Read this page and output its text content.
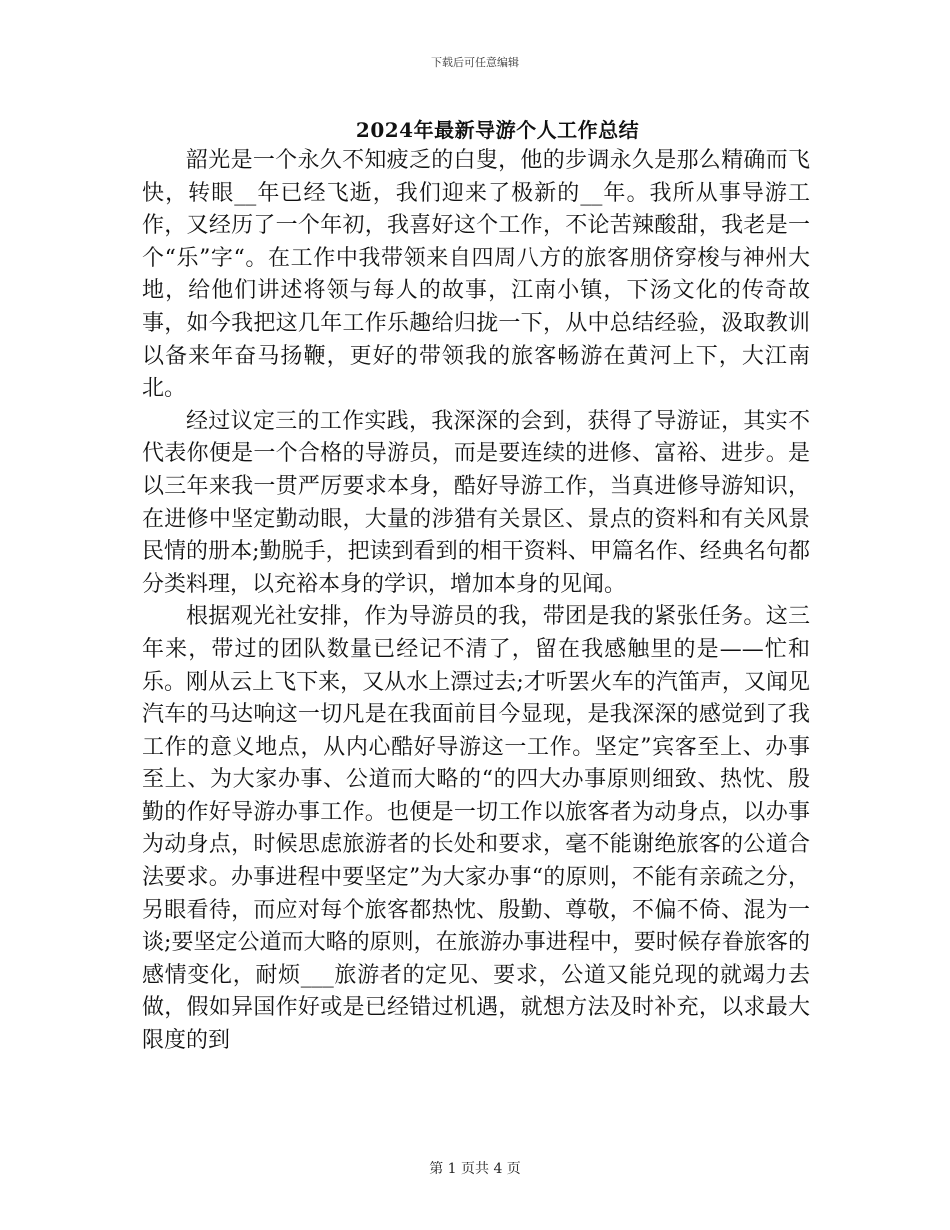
下载后可任意编辑
2024年最新导游个人工作总结

韶光是一个永久不知疲乏的白叟，他的步调永久是那么精确而飞快，转眼__年已经飞逝，我们迎来了极新的__年。我所从事导游工作，又经历了一个年初，我喜好这个工作，不论苦辣酸甜，我老是一个“乐”字“。在工作中我带领来自四周八方的旅客朋侪穿梭与神州大地，给他们讲述将领与每人的故事，江南小镇，下汤文化的传奇故事，如今我把这几年工作乐趣给归拢一下，从中总结经验，汲取教训以备来年奋马扬鞭，更好的带领我的旅客畅游在黄河上下，大江南北。

经过议定三的工作实践，我深深的会到，获得了导游证，其实不代表你便是一个合格的导游员，而是要连续的进修、富裕、进步。是以三年来我一贯严厉要求本身，酷好导游工作，当真进修导游知识，在进修中坚定勤动眼，大量的涉猎有关景区、景点的资料和有关风景民情的册本;勤脱手，把读到看到的相干资料、甲篇名作、经典名句都分类料理，以充裕本身的学识，增加本身的见闻。

根据观光社安排，作为导游员的我，带团是我的紧张任务。这三年来，带过的团队数量已经记不清了，留在我感触里的是——忙和乐。刚从云上飞下来，又从水上漂过去;才听罢火车的汽笛声，又闻见汽车的马达响这一切凡是在我面前目今显现，是我深深的感觉到了我工作的意义地点，从内心酷好导游这一工作。坚定”宾客至上、办事至上、为大家办事、公道而大略的“的四大办事原则细致、热忱、殷勤的作好导游办事工作。也便是一切工作以旅客者为动身点，以办事为动身点，时候思虑旅游者的长处和要求，毫不能谢绝旅客的公道合法要求。办事进程中要坚定”为大家办事“的原则，不能有亲疏之分，另眼看待，而应对每个旅客都热忱、殷勤、尊敬，不偏不倚、混为一谈;要坚定公道而大略的原则，在旅游办事进程中，要时候存眷旅客的感情变化，耐烦___旅游者的定见、要求，公道又能兑现的就竭力去做，假如异国作好或是已经错过机遇，就想方法及时补充，以求最大限度的到

第 1 页共 4 页
